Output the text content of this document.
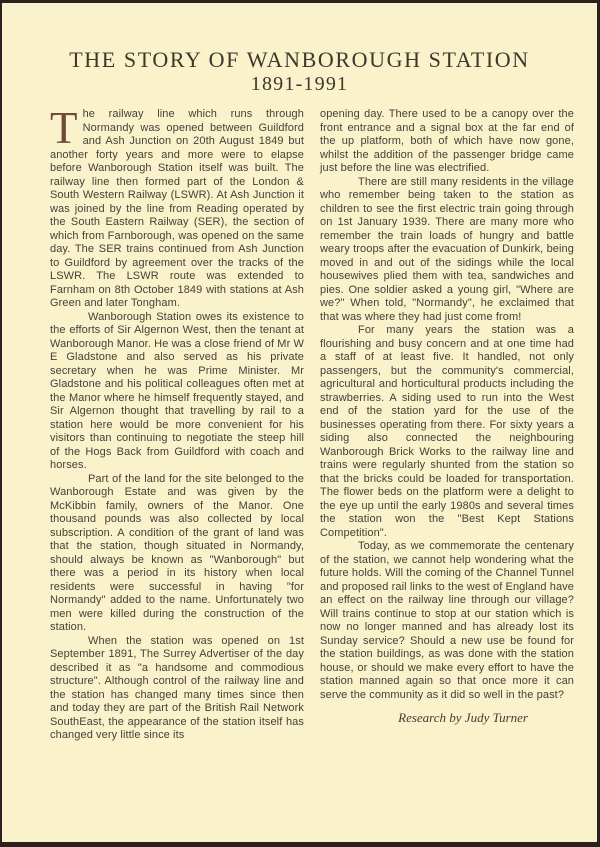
THE STORY OF WANBOROUGH STATION
1891-1991

The railway line which runs through Normandy was opened between Guildford and Ash Junction on 20th August 1849 but another forty years and more were to elapse before Wanborough Station itself was built. The railway line then formed part of the London & South Western Railway (LSWR). At Ash Junction it was joined by the line from Reading operated by the South Eastern Railway (SER), the section of which from Farnborough, was opened on the same day. The SER trains continued from Ash Junction to Guildford by agreement over the tracks of the LSWR. The LSWR route was extended to Farnham on 8th October 1849 with stations at Ash Green and later Tongham.

Wanborough Station owes its existence to the efforts of Sir Algernon West, then the tenant at Wanborough Manor. He was a close friend of Mr W E Gladstone and also served as his private secretary when he was Prime Minister. Mr Gladstone and his political colleagues often met at the Manor where he himself frequently stayed, and Sir Algernon thought that travelling by rail to a station here would be more convenient for his visitors than continuing to negotiate the steep hill of the Hogs Back from Guildford with coach and horses.

Part of the land for the site belonged to the Wanborough Estate and was given by the McKibbin family, owners of the Manor. One thousand pounds was also collected by local subscription. A condition of the grant of land was that the station, though situated in Normandy, should always be known as "Wanborough" but there was a period in its history when local residents were successful in having "for Normandy" added to the name. Unfortunately two men were killed during the construction of the station.

When the station was opened on 1st September 1891, The Surrey Advertiser of the day described it as "a handsome and commodious structure". Although control of the railway line and the station has changed many times since then and today they are part of the British Rail Network SouthEast, the appearance of the station itself has changed very little since its

opening day. There used to be a canopy over the front entrance and a signal box at the far end of the up platform, both of which have now gone, whilst the addition of the passenger bridge came just before the line was electrified.

There are still many residents in the village who remember being taken to the station as children to see the first electric train going through on 1st January 1939. There are many more who remember the train loads of hungry and battle weary troops after the evacuation of Dunkirk, being moved in and out of the sidings while the local housewives plied them with tea, sandwiches and pies. One soldier asked a young girl, "Where are we?" When told, "Normandy", he exclaimed that that was where they had just come from!

For many years the station was a flourishing and busy concern and at one time had a staff of at least five. It handled, not only passengers, but the community's commercial, agricultural and horticultural products including the strawberries. A siding used to run into the West end of the station yard for the use of the businesses operating from there. For sixty years a siding also connected the neighbouring Wanborough Brick Works to the railway line and trains were regularly shunted from the station so that the bricks could be loaded for transportation. The flower beds on the platform were a delight to the eye up until the early 1980s and several times the station won the "Best Kept Stations Competition".

Today, as we commemorate the centenary of the station, we cannot help wondering what the future holds. Will the coming of the Channel Tunnel and proposed rail links to the west of England have an effect on the railway line through our village? Will trains continue to stop at our station which is now no longer manned and has already lost its Sunday service? Should a new use be found for the station buildings, as was done with the station house, or should we make every effort to have the station manned again so that once more it can serve the community as it did so well in the past?

Research by Judy Turner
